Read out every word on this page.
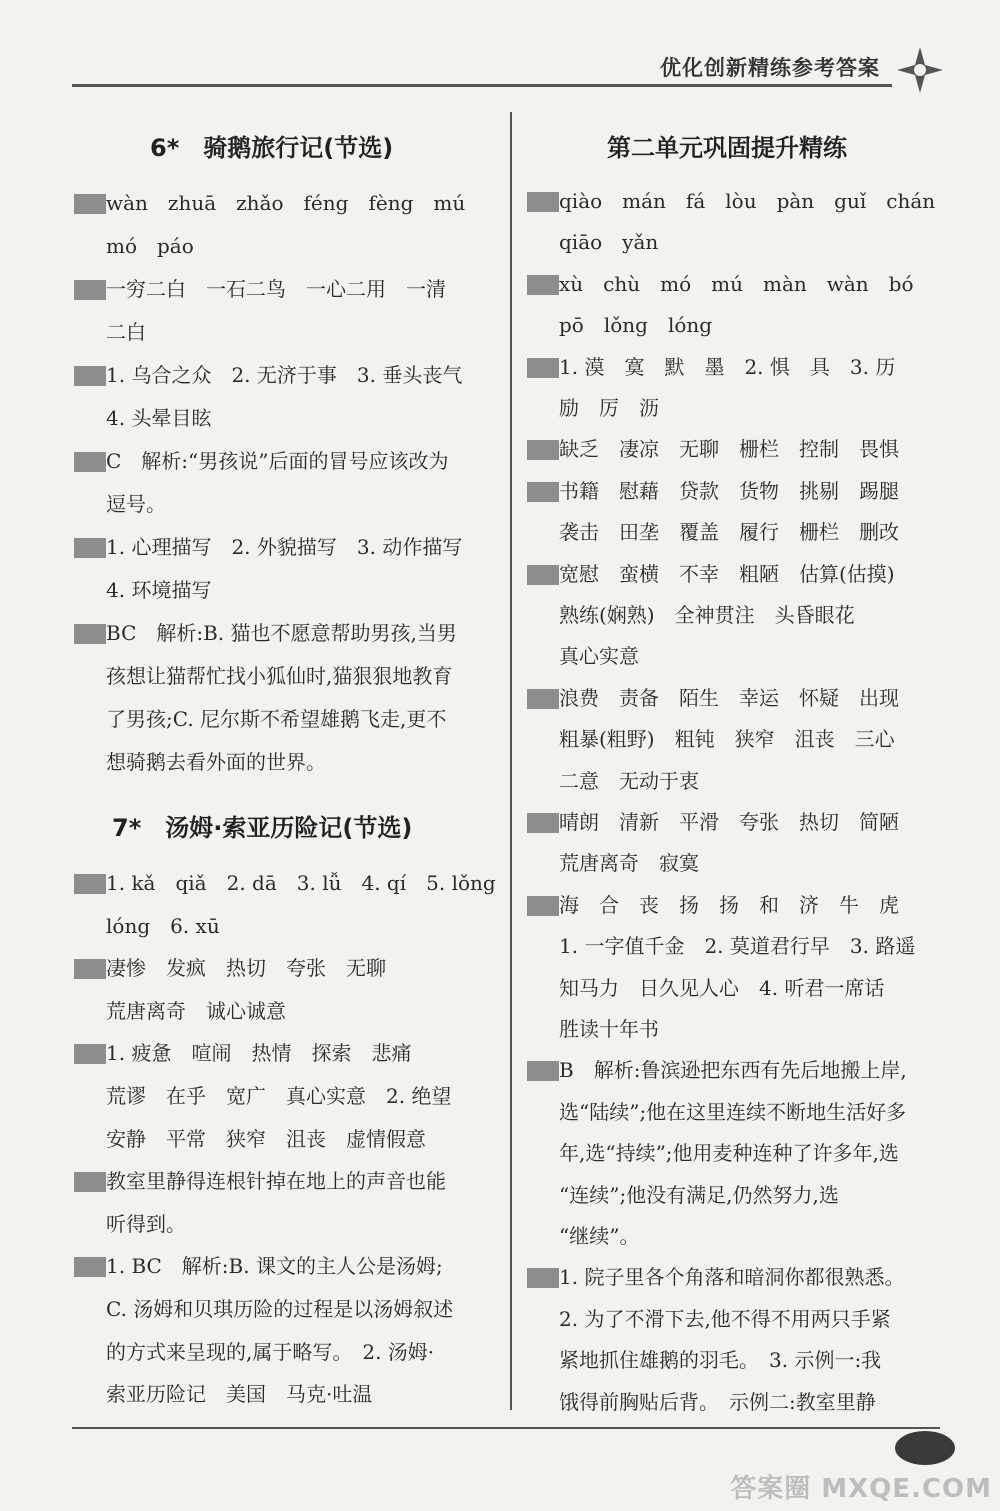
优化创新精练参考答案
6*　骑鹅旅行记(节选)
wàn　zhuā　zhǎo　féng　fèng　mú
mó　páo
一穷二白　一石二鸟　一心二用　一清
二白
1. 乌合之众　2. 无济于事　3. 垂头丧气
4. 头晕目眩
C　解析:“男孩说”后面的冒号应该改为
逗号。
1. 心理描写　2. 外貌描写　3. 动作描写
4. 环境描写
BC　解析:B. 猫也不愿意帮助男孩,当男
孩想让猫帮忙找小狐仙时,猫狠狠地教育
了男孩;C. 尼尔斯不希望雄鹅飞走,更不
想骑鹅去看外面的世界。
7*　汤姆·索亚历险记(节选)
1. kǎ　qiǎ　2. dā　3. lǚ　4. qí　5. lǒng
lóng　6. xū
凄惨　发疯　热切　夸张　无聊
荒唐离奇　诚心诚意
1. 疲惫　喧闹　热情　探索　悲痛
荒谬　在乎　宽广　真心实意　2. 绝望
安静　平常　狭窄　沮丧　虚情假意
教室里静得连根针掉在地上的声音也能
听得到。
1. BC　解析:B. 课文的主人公是汤姆;
C. 汤姆和贝琪历险的过程是以汤姆叙述
的方式来呈现的,属于略写。　2. 汤姆·
索亚历险记　美国　马克·吐温
第二单元巩固提升精练
qiào　mán　fá　lòu　pàn　guǐ　chán
qiāo　yǎn
xù　chù　mó　mú　màn　wàn　bó
pō　lǒng　lóng
1. 漠　寞　默　墨　2. 惧　具　3. 历
励　厉　沥
缺乏　凄凉　无聊　栅栏　控制　畏惧
书籍　慰藉　贷款　货物　挑剔　踢腿
袭击　田垄　覆盖　履行　栅栏　删改
宽慰　蛮横　不幸　粗陋　估算(估摸)
熟练(娴熟)　全神贯注　头昏眼花
真心实意
浪费　责备　陌生　幸运　怀疑　出现
粗暴(粗野)　粗钝　狭窄　沮丧　三心
二意　无动于衷
晴朗　清新　平滑　夸张　热切　简陋
荒唐离奇　寂寞
海　合　丧　扬　扬　和　济　牛　虎
1. 一字值千金　2. 莫道君行早　3. 路遥
知马力　日久见人心　4. 听君一席话
胜读十年书
B　解析:鲁滨逊把东西有先后地搬上岸,
选“陆续”;他在这里连续不断地生活好多
年,选“持续”;他用麦种连种了许多年,选
“连续”;他没有满足,仍然努力,选
“继续”。
1. 院子里各个角落和暗洞你都很熟悉。
2. 为了不滑下去,他不得不用两只手紧
紧地抓住雄鹅的羽毛。　3. 示例一:我
饿得前胸贴后背。　示例二:教室里静
答案圈 MXQE.COM
